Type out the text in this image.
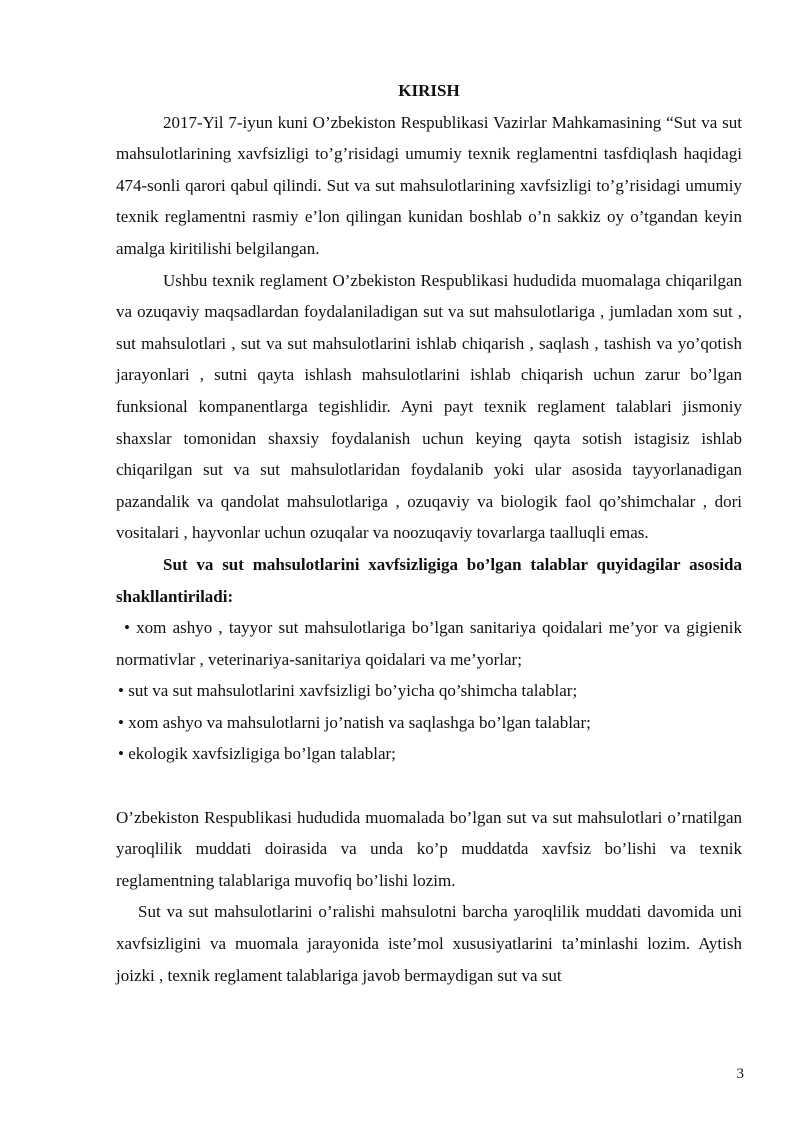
KIRISH

2017-Yil 7-iyun kuni O’zbekiston Respublikasi Vazirlar Mahkamasining “Sut va sut mahsulotlarining xavfsizligi to’g’risidagi umumiy texnik reglamentni tasfdiqlash haqidagi 474-sonli qarori qabul qilindi. Sut va sut mahsulotlarining xavfsizligi to’g’risidagi umumiy texnik reglamentni rasmiy e’lon qilingan kunidan boshlab o’n sakkiz oy o’tgandan keyin amalga kiritilishi belgilangan.

Ushbu texnik reglament O’zbekiston Respublikasi hududida muomalaga chiqarilgan va ozuqaviy maqsadlardan foydalaniladigan sut va sut mahsulotlariga , jumladan xom sut , sut mahsulotlari , sut va sut mahsulotlarini ishlab chiqarish , saqlash , tashish va yo’qotish jarayonlari , sutni qayta ishlash mahsulotlarini ishlab chiqarish uchun zarur bo’lgan funksional kompanentlarga tegishlidir. Ayni payt texnik reglament talablari jismoniy shaxslar tomonidan shaxsiy foydalanish uchun keying qayta sotish istagisiz ishlab chiqarilgan sut va sut mahsulotlaridan foydalanib yoki ular asosida tayyorlanadigan pazandalik va qandolat mahsulotlariga , ozuqaviy va biologik faol qo’shimchalar , dori vositalari , hayvonlar uchun ozuqalar va noozuqaviy tovarlarga taalluqli emas.

Sut va sut mahsulotlarini xavfsizligiga bo’lgan talablar quyidagilar asosida shakllantiriladi:

• xom ashyo , tayyor sut mahsulotlariga bo’lgan sanitariya qoidalari me’yor va gigienik normativlar , veterinariya-sanitariya qoidalari va me’yorlar;

• sut va sut mahsulotlarini xavfsizligi bo’yicha qo’shimcha talablar;

• xom ashyo va mahsulotlarni jo’natish va saqlashga bo’lgan talablar;

• ekologik xavfsizligiga bo’lgan talablar;

O’zbekiston Respublikasi hududida muomalada bo’lgan sut va sut mahsulotlari o’rnatilgan yaroqlilik muddati doirasida va unda ko’p muddatda xavfsiz bo’lishi va texnik reglamentning talablariga muvofiq bo’lishi lozim.

Sut va sut mahsulotlarini o’ralishi mahsulotni barcha yaroqlilik muddati davomida uni xavfsizligini va muomala jarayonida iste’mol xususiyatlarini ta’minlashi lozim. Aytish joizki , texnik reglament talablariga javob bermaydigan sut va sut

3
